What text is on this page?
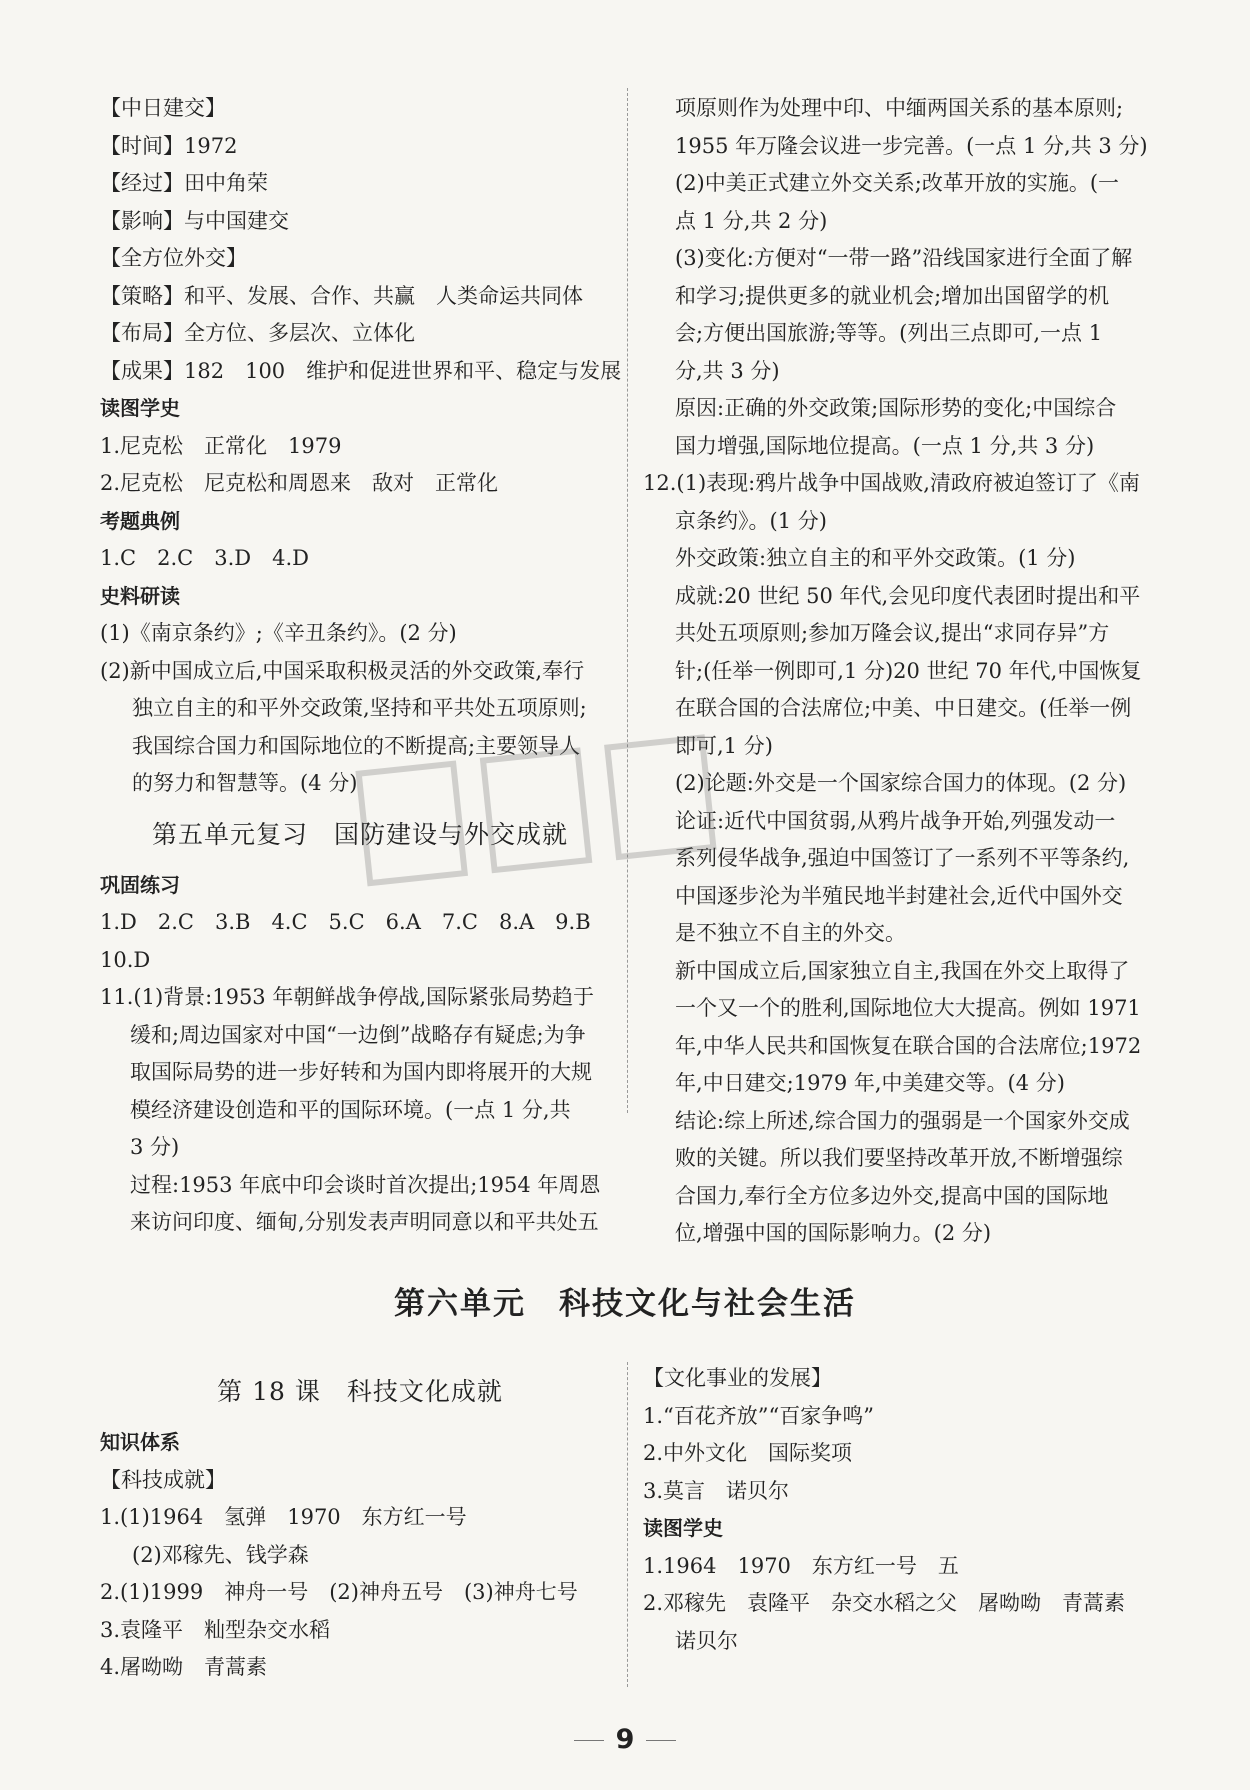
【中日建交】
【时间】1972
【经过】田中角荣
【影响】与中国建交
【全方位外交】
【策略】和平、发展、合作、共赢　人类命运共同体
【布局】全方位、多层次、立体化
【成果】182　100　维护和促进世界和平、稳定与发展
读图学史
1.尼克松　正常化　1979
2.尼克松　尼克松和周恩来　敌对　正常化
考题典例
1.C　2.C　3.D　4.D
史料研读
(1)《南京条约》;《辛丑条约》。(2 分)
(2)新中国成立后,中国采取积极灵活的外交政策,奉行
独立自主的和平外交政策,坚持和平共处五项原则;
我国综合国力和国际地位的不断提高;主要领导人
的努力和智慧等。(4 分)
第五单元复习　国防建设与外交成就
巩固练习
1.D　2.C　3.B　4.C　5.C　6.A　7.C　8.A　9.B
10.D
11.(1)背景:1953 年朝鲜战争停战,国际紧张局势趋于
缓和;周边国家对中国“一边倒”战略存有疑虑;为争
取国际局势的进一步好转和为国内即将展开的大规
模经济建设创造和平的国际环境。(一点 1 分,共
3 分)
过程:1953 年底中印会谈时首次提出;1954 年周恩
来访问印度、缅甸,分别发表声明同意以和平共处五
项原则作为处理中印、中缅两国关系的基本原则;
1955 年万隆会议进一步完善。(一点 1 分,共 3 分)
(2)中美正式建立外交关系;改革开放的实施。(一
点 1 分,共 2 分)
(3)变化:方便对“一带一路”沿线国家进行全面了解
和学习;提供更多的就业机会;增加出国留学的机
会;方便出国旅游;等等。(列出三点即可,一点 1
分,共 3 分)
原因:正确的外交政策;国际形势的变化;中国综合
国力增强,国际地位提高。(一点 1 分,共 3 分)
12.(1)表现:鸦片战争中国战败,清政府被迫签订了《南
京条约》。(1 分)
外交政策:独立自主的和平外交政策。(1 分)
成就:20 世纪 50 年代,会见印度代表团时提出和平
共处五项原则;参加万隆会议,提出“求同存异”方
针;(任举一例即可,1 分)20 世纪 70 年代,中国恢复
在联合国的合法席位;中美、中日建交。(任举一例
即可,1 分)
(2)论题:外交是一个国家综合国力的体现。(2 分)
论证:近代中国贫弱,从鸦片战争开始,列强发动一
系列侵华战争,强迫中国签订了一系列不平等条约,
中国逐步沦为半殖民地半封建社会,近代中国外交
是不独立不自主的外交。
新中国成立后,国家独立自主,我国在外交上取得了
一个又一个的胜利,国际地位大大提高。例如 1971
年,中华人民共和国恢复在联合国的合法席位;1972
年,中日建交;1979 年,中美建交等。(4 分)
结论:综上所述,综合国力的强弱是一个国家外交成
败的关键。所以我们要坚持改革开放,不断增强综
合国力,奉行全方位多边外交,提高中国的国际地
位,增强中国的国际影响力。(2 分)
第六单元　科技文化与社会生活
第 18 课　科技文化成就
知识体系
【科技成就】
1.(1)1964　氢弹　1970　东方红一号
(2)邓稼先、钱学森
2.(1)1999　神舟一号　(2)神舟五号　(3)神舟七号
3.袁隆平　籼型杂交水稻
4.屠呦呦　青蒿素
【文化事业的发展】
1.“百花齐放”“百家争鸣”
2.中外文化　国际奖项
3.莫言　诺贝尔
读图学史
1.1964　1970　东方红一号　五
2.邓稼先　袁隆平　杂交水稻之父　屠呦呦　青蒿素
诺贝尔
9
